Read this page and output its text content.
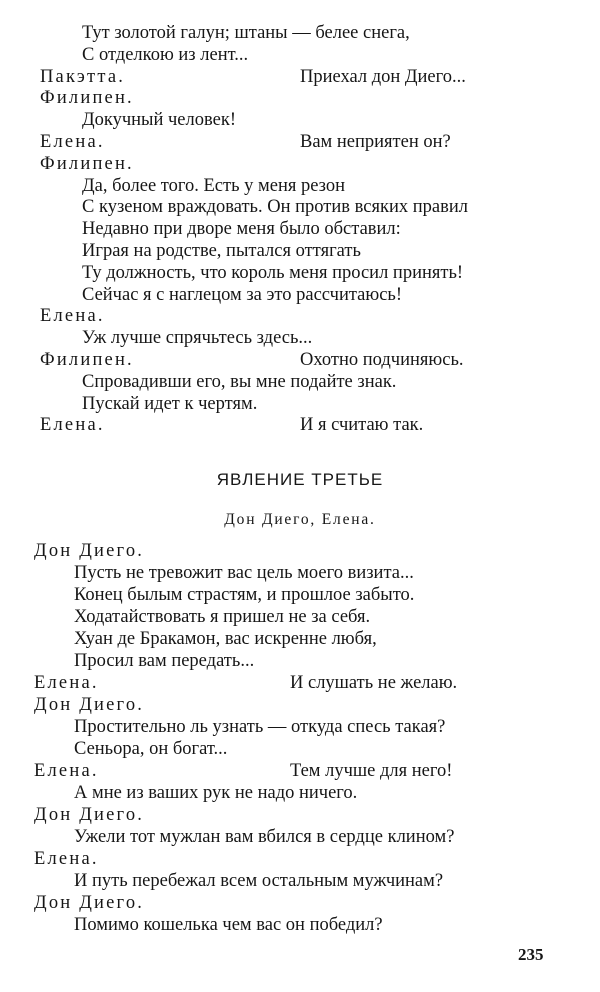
Тут золотой галун; штаны — белее снега,
С отделкою из лент...
Пакэтта.	Приехал дон Диего...
Филипен.
Докучный человек!
Елена.	Вам неприятен он?
Филипен.
Да, более того. Есть у меня резон
С кузеном враждовать. Он против всяких правил
Недавно при дворе меня было обставил:
Играя на родстве, пытался оттягать
Ту должность, что король меня просил принять!
Сейчас я с наглецом за это рассчитаюсь!
Елена.
Уж лучше спрячьтесь здесь...
Филипен.	Охотно подчиняюсь.
Спровадивши его, вы мне подайте знак.
Пускай идет к чертям.
Елена.	И я считаю так.
ЯВЛЕНИЕ ТРЕТЬЕ
Дон Диего, Елена.
Дон Диего.
Пусть не тревожит вас цель моего визита...
Конец былым страстям, и прошлое забыто.
Ходатайствовать я пришел не за себя.
Хуан де Бракамон, вас искренне любя,
Просил вам передать...
Елена.	И слушать не желаю.
Дон Диего.
Простительно ль узнать — откуда спесь такая?
Сеньора, он богат...
Елена.	Тем лучше для него!
А мне из ваших рук не надо ничего.
Дон Диего.
Ужели тот мужлан вам вбился в сердце клином?
Елена.
И путь перебежал всем остальным мужчинам?
Дон Диего.
Помимо кошелька чем вас он победил?
235
